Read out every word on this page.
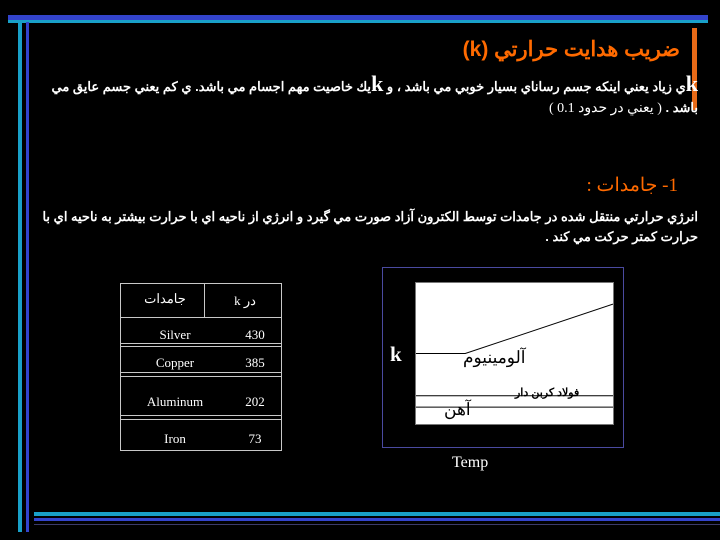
ضريب هدايت حرارتي (k)
kي زياد يعني اينكه جسم رساناي بسيار خوبي مي باشد ، و kيك خاصيت مهم اجسام مي باشد. ي كم يعني جسم عايق مي باشد . ( يعني در حدود 0.1 )
1- جامدات :
انرژي حرارتي منتقل شده در جامدات توسط الكترون آزاد صورت مي گيرد و انرژي از ناحيه اي با حرارت بيشتر به ناحيه اي با حرارت كمتر حركت مي كند .
جامدات	k در
Silver	430
Copper	385
Aluminum	202
Iron	73
k
Temp
آلومينيوم
فولاد كربن دار
آهن
